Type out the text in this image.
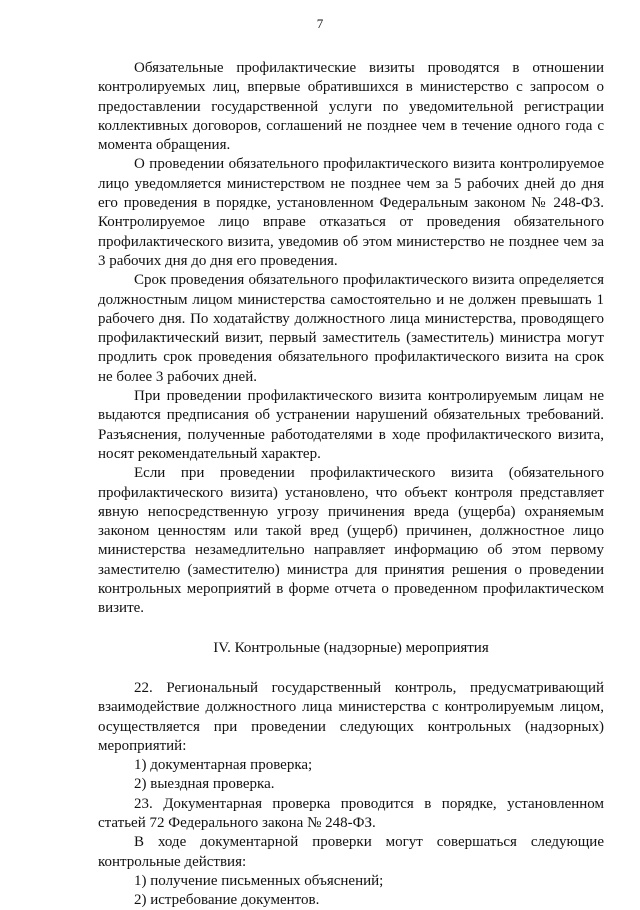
7

Обязательные профилактические визиты проводятся в отношении контролируемых лиц, впервые обратившихся в министерство с запросом о предоставлении государственной услуги по уведомительной регистрации коллективных договоров, соглашений не позднее чем в течение одного года с момента обращения.

О проведении обязательного профилактического визита контролируемое лицо уведомляется министерством не позднее чем за 5 рабочих дней до дня его проведения в порядке, установленном Федеральным законом № 248-ФЗ. Контролируемое лицо вправе отказаться от проведения обязательного профилактического визита, уведомив об этом министерство не позднее чем за 3 рабочих дня до дня его проведения.

Срок проведения обязательного профилактического визита определяется должностным лицом министерства самостоятельно и не должен превышать 1 рабочего дня. По ходатайству должностного лица министерства, проводящего профилактический визит, первый заместитель (заместитель) министра могут продлить срок проведения обязательного профилактического визита на срок не более 3 рабочих дней.

При проведении профилактического визита контролируемым лицам не выдаются предписания об устранении нарушений обязательных требований. Разъяснения, полученные работодателями в ходе профилактического визита, носят рекомендательный характер.

Если при проведении профилактического визита (обязательного профилактического визита) установлено, что объект контроля представляет явную непосредственную угрозу причинения вреда (ущерба) охраняемым законом ценностям или такой вред (ущерб) причинен, должностное лицо министерства незамедлительно направляет информацию об этом первому заместителю (заместителю) министра для принятия решения о проведении контрольных мероприятий в форме отчета о проведенном профилактическом визите.

IV. Контрольные (надзорные) мероприятия

22. Региональный государственный контроль, предусматривающий взаимодействие должностного лица министерства с контролируемым лицом, осуществляется при проведении следующих контрольных (надзорных) мероприятий:

1) документарная проверка;

2) выездная проверка.

23. Документарная проверка проводится в порядке, установленном статьей 72 Федерального закона № 248-ФЗ.

В ходе документарной проверки могут совершаться следующие контрольные действия:

1) получение письменных объяснений;

2) истребование документов.
